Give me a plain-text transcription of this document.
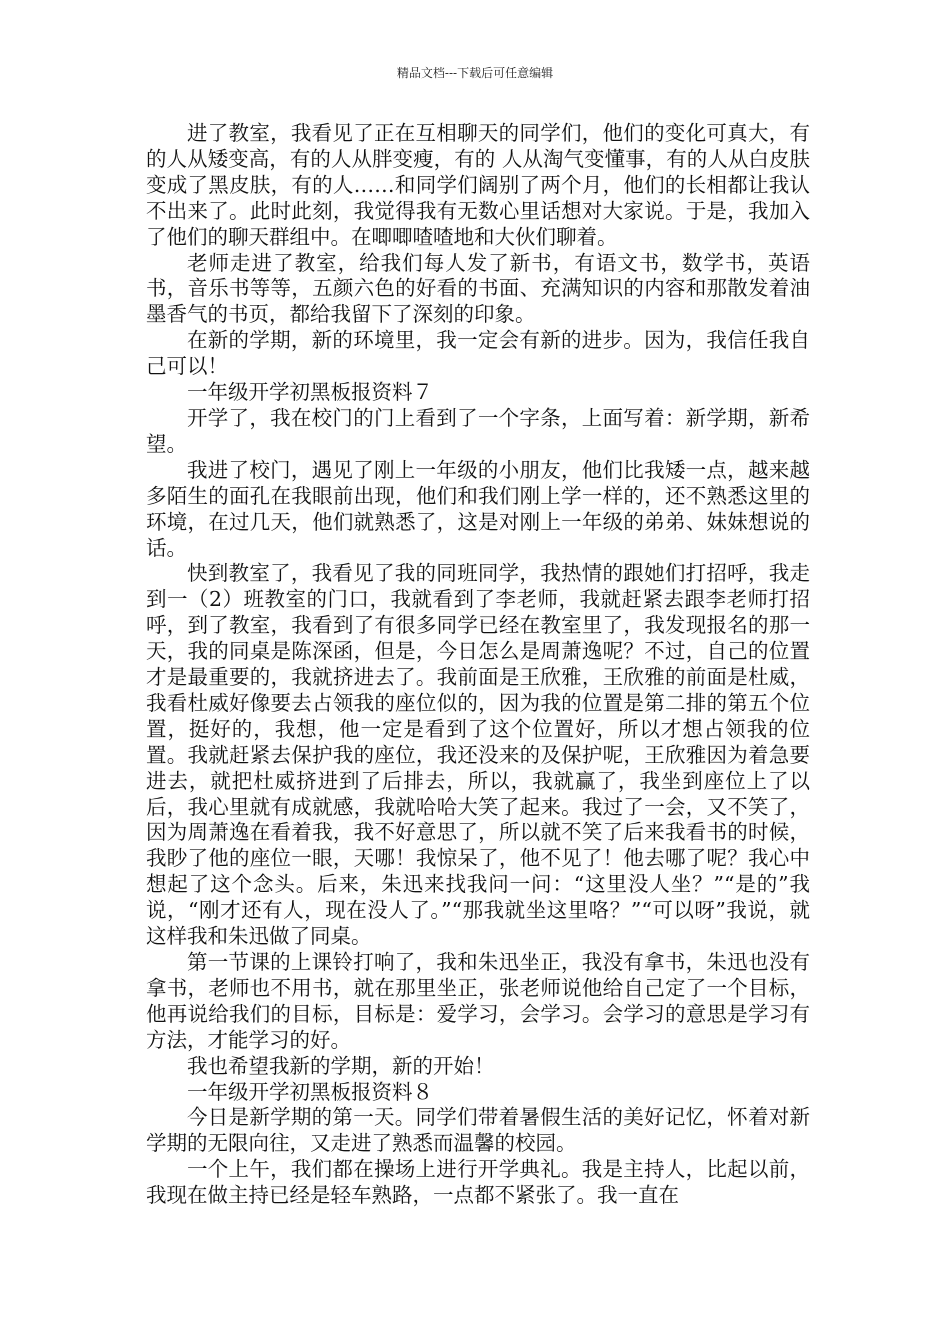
精品文档---下载后可任意编辑

进了教室，我看见了正在互相聊天的同学们，他们的变化可真大，有的人从矮变高，有的人从胖变瘦，有的 人从淘气变懂事，有的人从白皮肤变成了黑皮肤，有的人……和同学们阔别了两个月，他们的长相都让我认不出来了。此时此刻，我觉得我有无数心里话想对大家说。于是，我加入了他们的聊天群组中。在唧唧喳喳地和大伙们聊着。

老师走进了教室，给我们每人发了新书，有语文书，数学书，英语书，音乐书等等，五颜六色的好看的书面、充满知识的内容和那散发着油墨香气的书页，都给我留下了深刻的印象。

在新的学期，新的环境里，我一定会有新的进步。因为，我信任我自己可以！

一年级开学初黑板报资料７

开学了，我在校门的门上看到了一个字条，上面写着：新学期，新希望。

我进了校门，遇见了刚上一年级的小朋友，他们比我矮一点，越来越多陌生的面孔在我眼前出现，他们和我们刚上学一样的，还不熟悉这里的环境，在过几天，他们就熟悉了，这是对刚上一年级的弟弟、妹妹想说的话。

快到教室了，我看见了我的同班同学，我热情的跟她们打招呼，我走到一（2）班教室的门口，我就看到了李老师，我就赶紧去跟李老师打招呼，到了教室，我看到了有很多同学已经在教室里了，我发现报名的那一天，我的同桌是陈深函，但是，今日怎么是周萧逸呢？不过，自己的位置才是最重要的，我就挤进去了。我前面是王欣雅，王欣雅的前面是杜威，我看杜威好像要去占领我的座位似的，因为我的位置是第二排的第五个位置，挺好的，我想，他一定是看到了这个位置好，所以才想占领我的位置。我就赶紧去保护我的座位，我还没来的及保护呢，王欣雅因为着急要进去，就把杜威挤进到了后排去，所以，我就赢了，我坐到座位上了以后，我心里就有成就感，我就哈哈大笑了起来。我过了一会，又不笑了，因为周萧逸在看着我，我不好意思了，所以就不笑了后来我看书的时候，我眇了他的座位一眼，天哪！我惊呆了，他不见了！他去哪了呢？我心中想起了这个念头。后来，朱迅来找我问一问：“这里没人坐？”“是的”我说，“刚才还有人，现在没人了。”“那我就坐这里咯？”“可以呀”我说，就这样我和朱迅做了同桌。

第一节课的上课铃打响了，我和朱迅坐正，我没有拿书，朱迅也没有拿书，老师也不用书，就在那里坐正，张老师说他给自己定了一个目标，他再说给我们的目标，目标是：爱学习，会学习。会学习的意思是学习有方法，才能学习的好。

我也希望我新的学期，新的开始！

一年级开学初黑板报资料８

今日是新学期的第一天。同学们带着暑假生活的美好记忆，怀着对新学期的无限向往，又走进了熟悉而温馨的校园。

一个上午，我们都在操场上进行开学典礼。我是主持人，比起以前，我现在做主持已经是轻车熟路，一点都不紧张了。我一直在
